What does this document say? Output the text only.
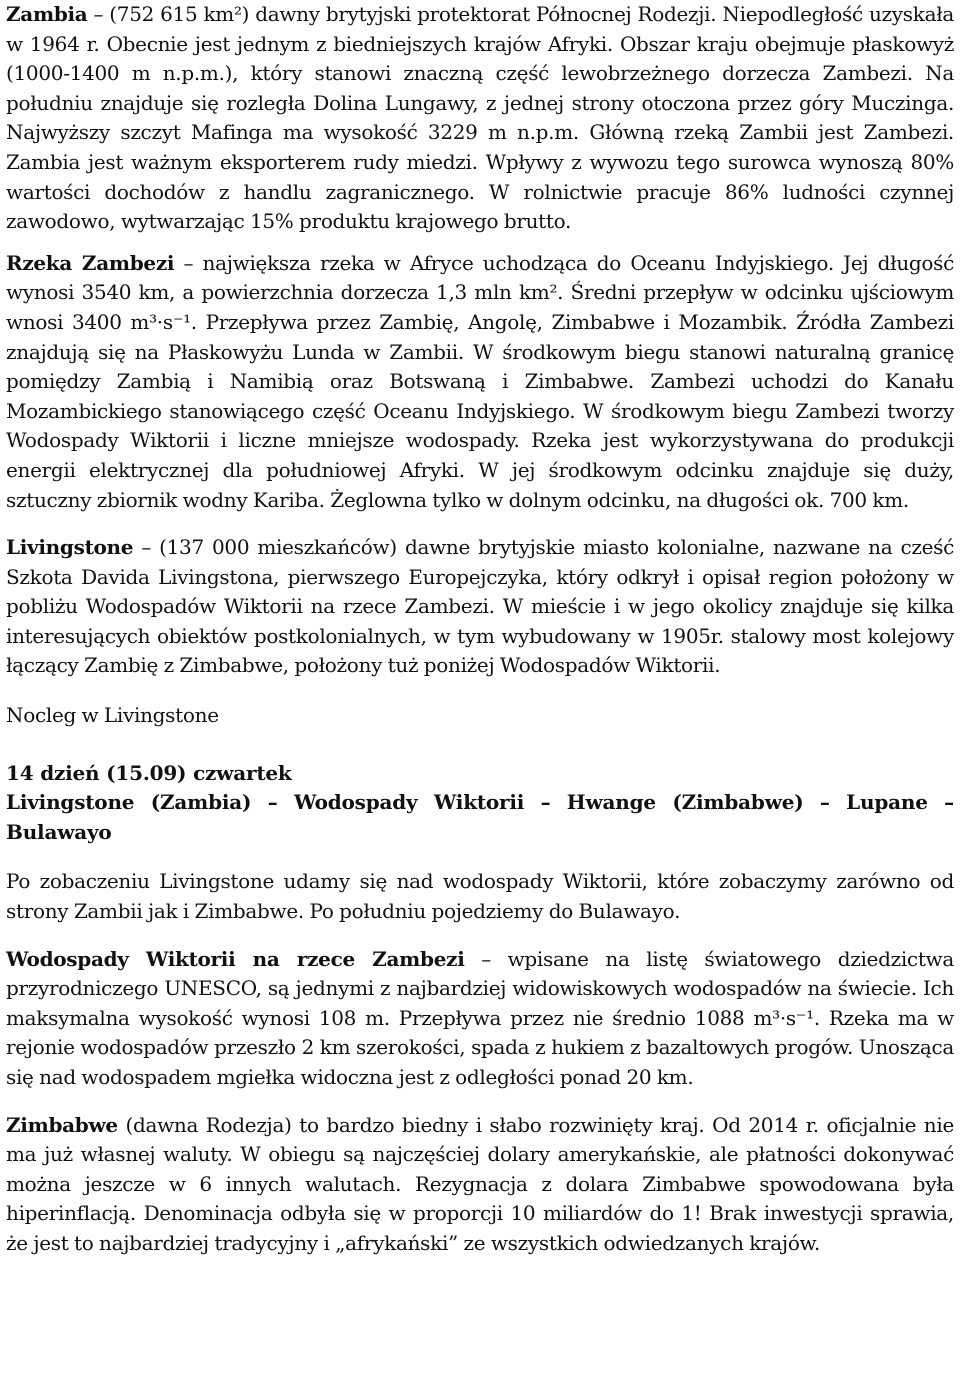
Zambia – (752 615 km²) dawny brytyjski protektorat Północnej Rodezji. Niepodległość uzyskała w 1964 r. Obecnie jest jednym z biedniejszych krajów Afryki. Obszar kraju obejmuje płaskowyż (1000-1400 m n.p.m.), który stanowi znaczną część lewobrzeżnego dorzecza Zambezi. Na południu znajduje się rozległa Dolina Lungawy, z jednej strony otoczona przez góry Muczinga. Najwyższy szczyt Mafinga ma wysokość 3229 m n.p.m. Główną rzeką Zambii jest Zambezi. Zambia jest ważnym eksporterem rudy miedzi. Wpływy z wywozu tego surowca wynoszą 80% wartości dochodów z handlu zagranicznego. W rolnictwie pracuje 86% ludności czynnej zawodowo, wytwarzając 15% produktu krajowego brutto.

Rzeka Zambezi – największa rzeka w Afryce uchodząca do Oceanu Indyjskiego. Jej długość wynosi 3540 km, a powierzchnia dorzecza 1,3 mln km². Średni przepływ w odcinku ujściowym wnosi 3400 m³·s⁻¹. Przepływa przez Zambię, Angolę, Zimbabwe i Mozambik. Źródła Zambezi znajdują się na Płaskowyżu Lunda w Zambii. W środkowym biegu stanowi naturalną granicę pomiędzy Zambią i Namibią oraz Botswaną i Zimbabwe. Zambezi uchodzi do Kanału Mozambickiego stanowiącego część Oceanu Indyjskiego. W środkowym biegu Zambezi tworzy Wodospady Wiktorii i liczne mniejsze wodospady. Rzeka jest wykorzystywana do produkcji energii elektrycznej dla południowej Afryki. W jej środkowym odcinku znajduje się duży, sztuczny zbiornik wodny Kariba. Żeglowna tylko w dolnym odcinku, na długości ok. 700 km.

Livingstone – (137 000 mieszkańców) dawne brytyjskie miasto kolonialne, nazwane na cześć Szkota Davida Livingstona, pierwszego Europejczyka, który odkrył i opisał region położony w pobliżu Wodospadów Wiktorii na rzece Zambezi. W mieście i w jego okolicy znajduje się kilka interesujących obiektów postkolonialnych, w tym wybudowany w 1905r. stalowy most kolejowy łączący Zambię z Zimbabwe, położony tuż poniżej Wodospadów Wiktorii.

Nocleg w Livingstone

14 dzień (15.09) czwartek
Livingstone (Zambia) – Wodospady Wiktorii – Hwange (Zimbabwe) – Lupane – Bulawayo

Po zobaczeniu Livingstone udamy się nad wodospady Wiktorii, które zobaczymy zarówno od strony Zambii jak i Zimbabwe. Po południu pojedziemy do Bulawayo.

Wodospady Wiktorii na rzece Zambezi – wpisane na listę światowego dziedzictwa przyrodniczego UNESCO, są jednymi z najbardziej widowiskowych wodospadów na świecie. Ich maksymalna wysokość wynosi 108 m. Przepływa przez nie średnio 1088 m³·s⁻¹. Rzeka ma w rejonie wodospadów przeszło 2 km szerokości, spada z hukiem z bazaltowych progów. Unosząca się nad wodospadem mgiełka widoczna jest z odległości ponad 20 km.

Zimbabwe (dawna Rodezja) to bardzo biedny i słabo rozwinięty kraj. Od 2014 r. oficjalnie nie ma już własnej waluty. W obiegu są najczęściej dolary amerykańskie, ale płatności dokonywać można jeszcze w 6 innych walutach. Rezygnacja z dolara Zimbabwe spowodowana była hiperinflacją. Denominacja odbyła się w proporcji 10 miliardów do 1! Brak inwestycji sprawia, że jest to najbardziej tradycyjny i „afrykański” ze wszystkich odwiedzanych krajów.
